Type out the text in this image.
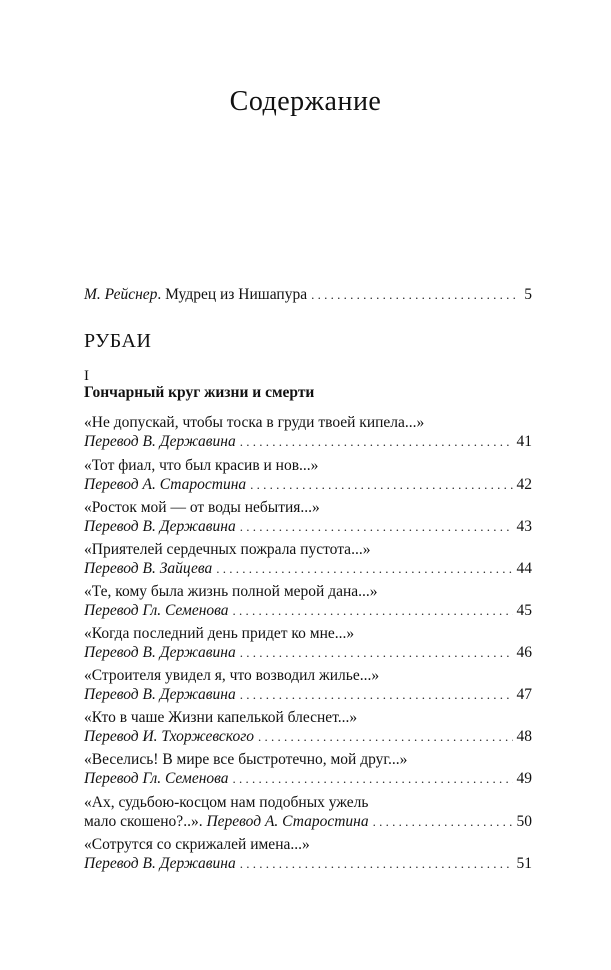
Содержание
М. Рейснер. Мудрец из Нишапура . . .	5
РУБАИ
I
Гончарный круг жизни и смерти
«Не допускай, чтобы тоска в груди твоей кипела...»
Перевод В. Державина . . .	41
«Тот фиал, что был красив и нов...»
Перевод А. Старостина . . .	42
«Росток мой — от воды небытия...»
Перевод В. Державина . . .	43
«Приятелей сердечных пожрала пустота...»
Перевод В. Зайцева . . .	44
«Те, кому была жизнь полной мерой дана...»
Перевод Гл. Семенова . . .	45
«Когда последний день придет ко мне...»
Перевод В. Державина . . .	46
«Строителя увидел я, что возводил жилье...»
Перевод В. Державина . . .	47
«Кто в чаше Жизни капелькой блеснет...»
Перевод И. Тхоржевского . . .	48
«Веселись! В мире все быстротечно, мой друг...»
Перевод Гл. Семенова . . .	49
«Ах, судьбою-косцом нам подобных ужель
мало скошено?..». Перевод А. Старостина . . .	50
«Сотрутся со скрижалей имена...»
Перевод В. Державина . . .	51
